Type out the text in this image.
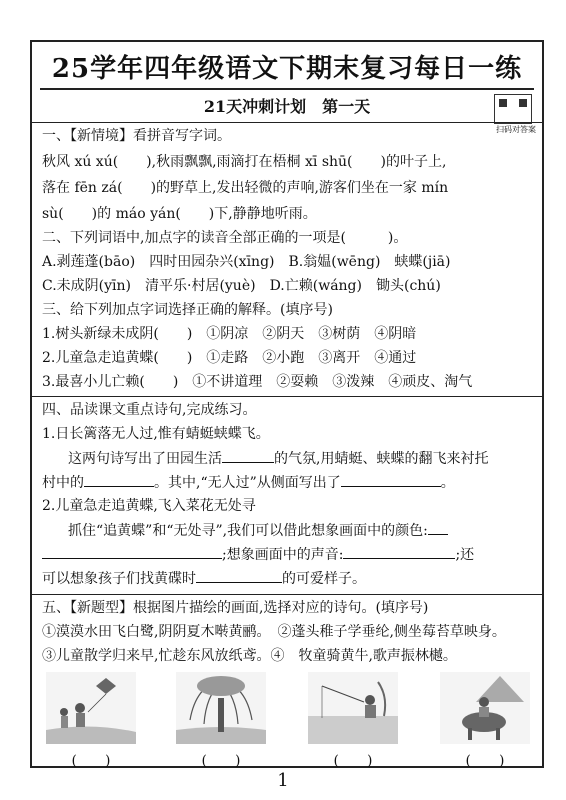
25学年四年级语文下期末复习每日一练
21天冲刺计划　第一天
扫码对答案
一、【新情境】看拼音写字词。
秋风 xú xú(　　),秋雨飘飘,雨滴打在梧桐 xī shū(　　)的叶子上,
落在 fēn zá(　　)的野草上,发出轻微的声响,游客们坐在一家 mín
sù(　　)的 máo yán(　　)下,静静地听雨。
二、下列词语中,加点字的读音全部正确的一项是(　　　)。
A.剥莲蓬(bāo)　四时田园杂兴(xīng)　B.翁媪(wēng)　蛱蝶(jiā)
C.未成阴(yīn)　清平乐·村居(yuè)　D.亡赖(wáng)　锄头(chú)
三、给下列加点字词选择正确的解释。(填序号)
1.树头新绿未成阴(　　)　①阴凉　②阴天　③树荫　④阴暗
2.儿童急走追黄蝶(　　)　①走路　②小跑　③离开　④通过
3.最喜小儿亡赖(　　)　①不讲道理　②耍赖　③泼辣　④顽皮、淘气
四、品读课文重点诗句,完成练习。
1.日长篱落无人过,惟有蜻蜓蛱蝶飞。
这两句诗写出了田园生活	的气氛,用蜻蜓、蛱蝶的翻飞来衬托
村中的	。其中,“无人过”从侧面写出了	。
2.儿童急走追黄蝶,飞入菜花无处寻
抓住“追黄蝶”和“无处寻”,我们可以借此想象画面中的颜色:
;想象画面中的声音:	;还
可以想象孩子们找黄碟时	的可爱样子。
五、【新题型】根据图片描绘的画面,选择对应的诗句。(填序号)
①漠漠水田飞白鹭,阴阴夏木啭黄鹂。　②蓬头稚子学垂纶,侧坐莓苔草映身。
③儿童散学归来早,忙趁东风放纸鸢。④　牧童骑黄牛,歌声振林樾。
(　　)	(　　)	(　　)	(　　)
1
